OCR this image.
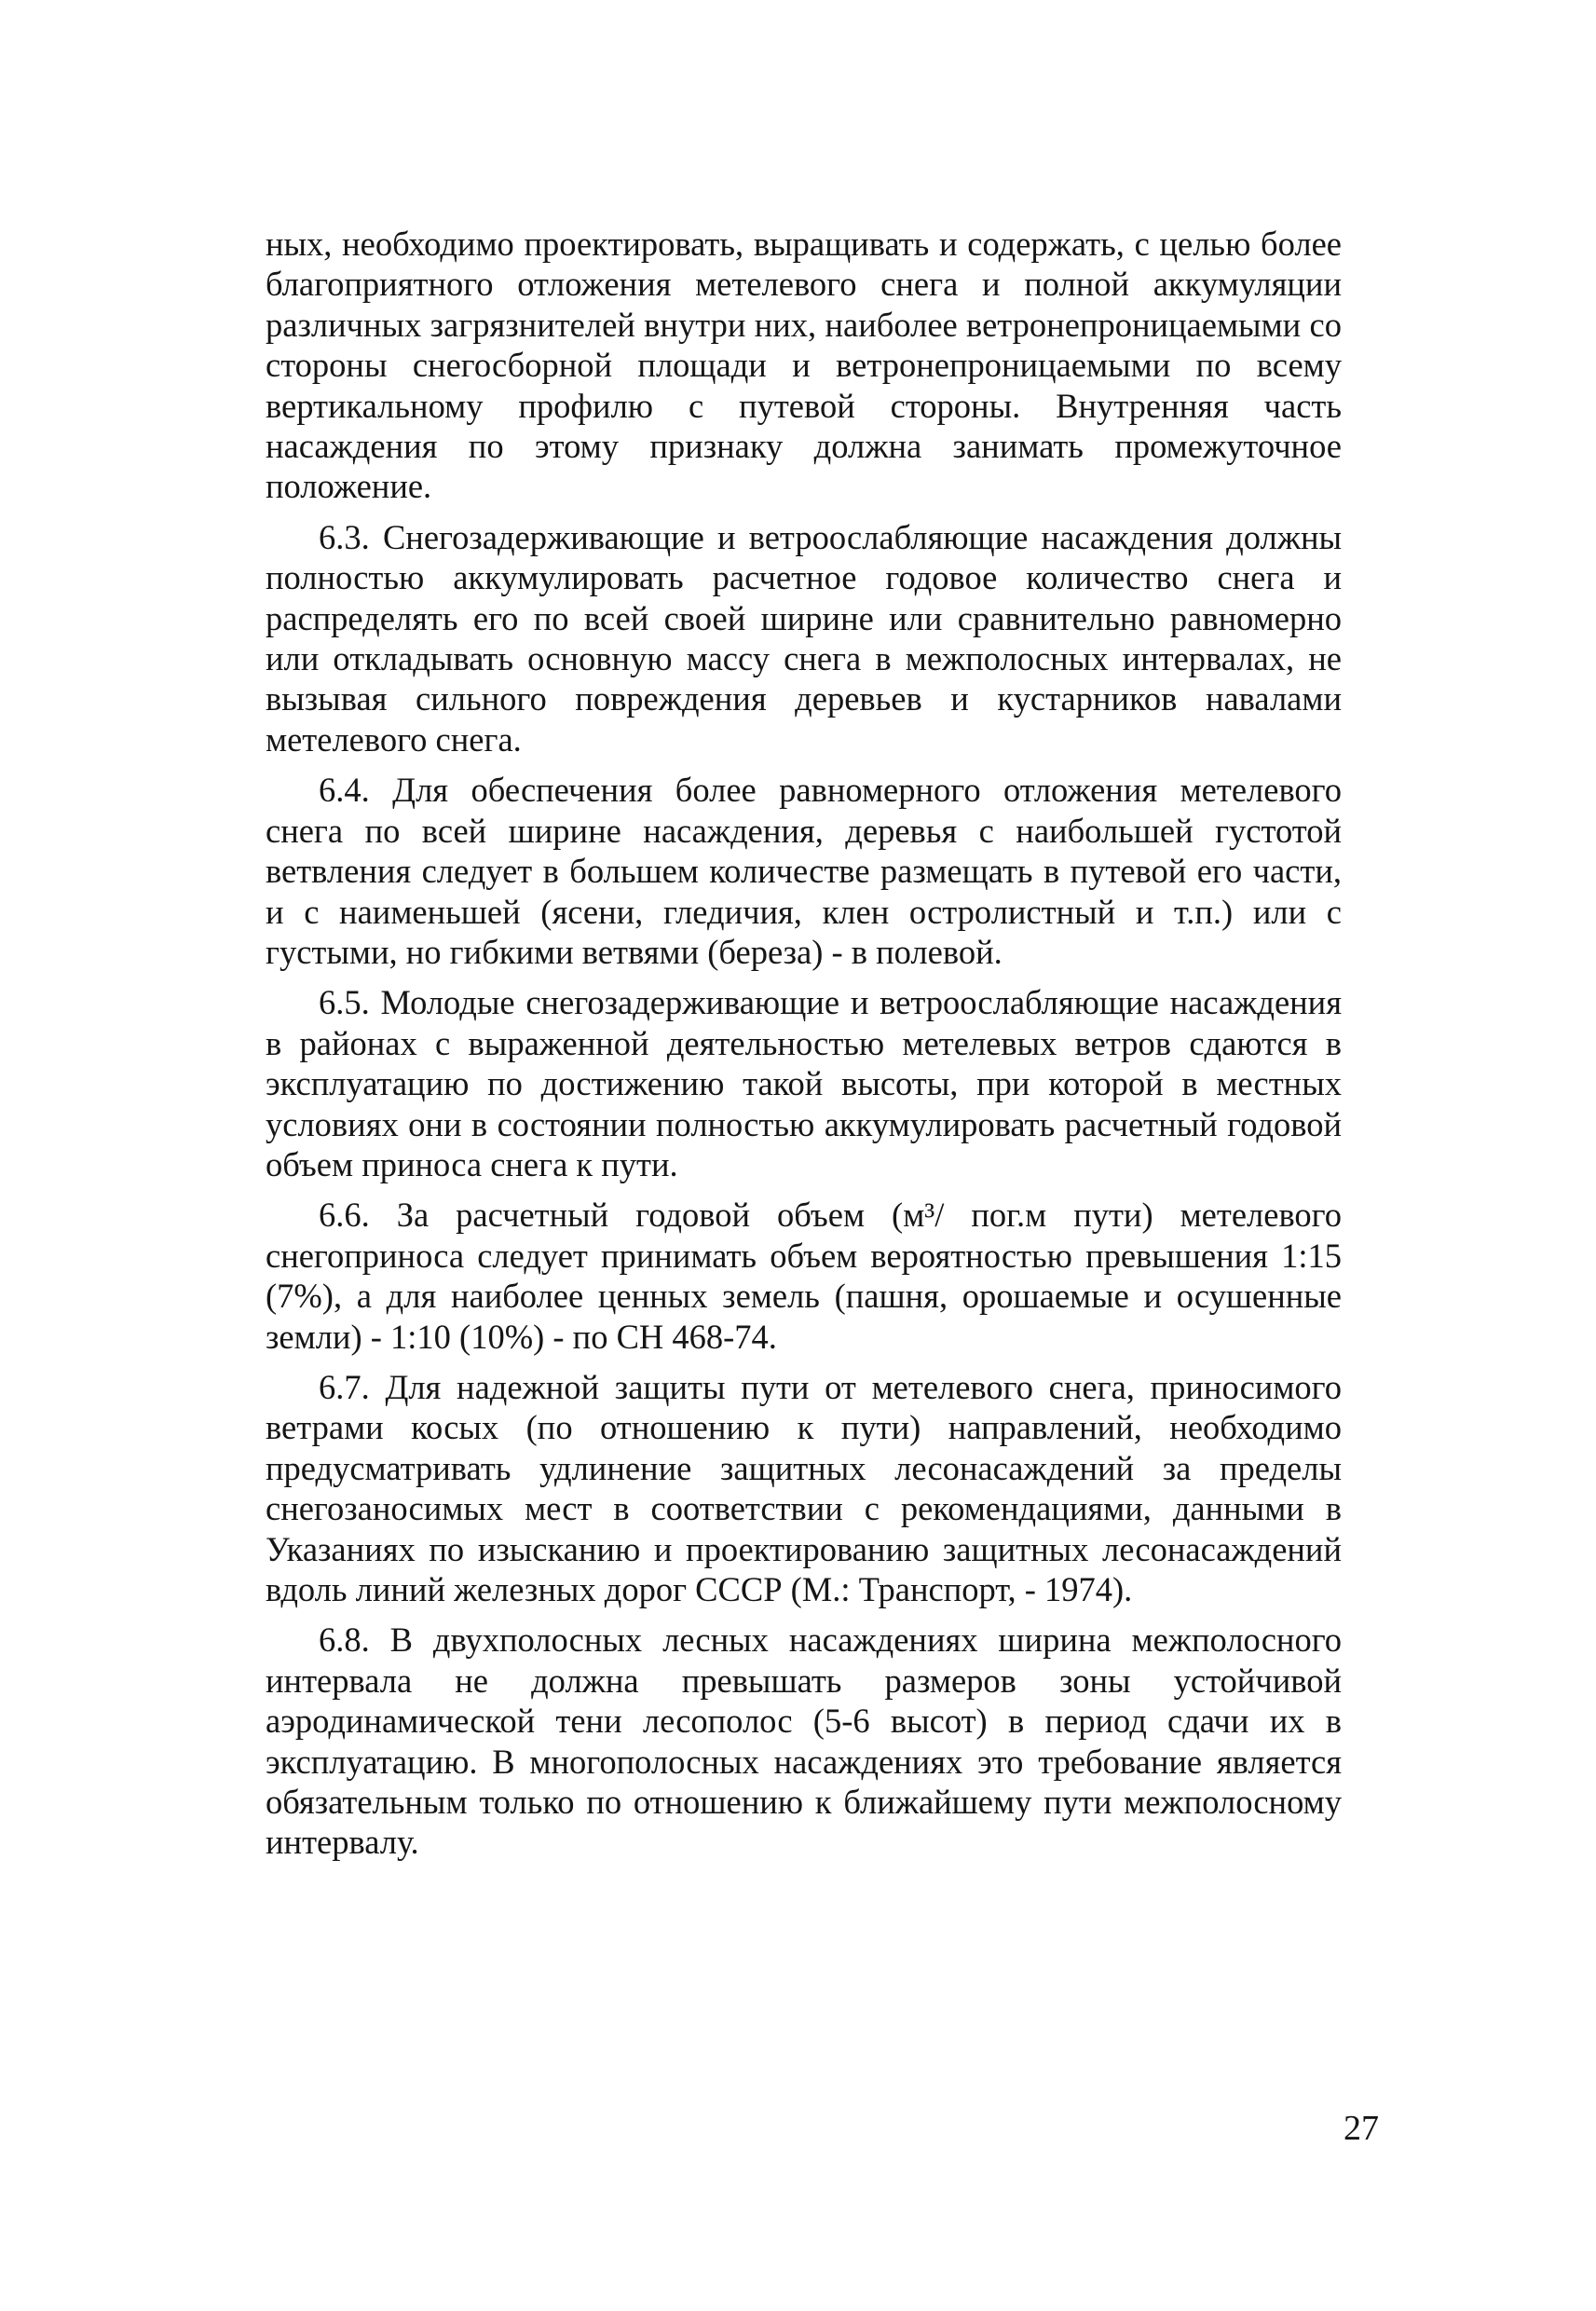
ных, необходимо проектировать, выращивать и содержать, с целью более благоприятного отложения метелевого снега и полной аккумуляции различных загрязнителей внутри них, наиболее ветронепроницаемыми со стороны снегосборной площади и ветронепроницаемыми по всему вертикальному профилю с путевой стороны. Внутренняя часть насаждения по этому признаку должна занимать промежуточное положение.

6.3. Снегозадерживающие и ветроослабляющие насаждения должны полностью аккумулировать расчетное годовое количество снега и распределять его по всей своей ширине или сравнительно равномерно или откладывать основную массу снега в межполосных интервалах, не вызывая сильного повреждения деревьев и кустарников навалами метелевого снега.

6.4. Для обеспечения более равномерного отложения метелевого снега по всей ширине насаждения, деревья с наибольшей густотой ветвления следует в большем количестве размещать в путевой его части, и с наименьшей (ясени, гледичия, клен остролистный и т.п.) или с густыми, но гибкими ветвями (береза) - в полевой.

6.5. Молодые снегозадерживающие и ветроослабляющие насаждения в районах с выраженной деятельностью метелевых ветров сдаются в эксплуатацию по достижению такой высоты, при которой в местных условиях они в состоянии полностью аккумулировать расчетный годовой объем приноса снега к пути.

6.6. За расчетный годовой объем (м³/ пог.м пути) метелевого снегоприноса следует принимать объем вероятностью превышения 1:15 (7%), а для наиболее ценных земель (пашня, орошаемые и осушенные земли) - 1:10 (10%) - по СН 468-74.

6.7. Для надежной защиты пути от метелевого снега, приносимого ветрами косых (по отношению к пути) направлений, необходимо предусматривать удлинение защитных лесонасаждений за пределы снегозаносимых мест в соответствии с рекомендациями, данными в Указаниях по изысканию и проектированию защитных лесонасаждений вдоль линий железных дорог СССР (М.: Транспорт, - 1974).

6.8. В двухполосных лесных насаждениях ширина межполосного интервала не должна превышать размеров зоны устойчивой аэродинамической тени лесополос (5-6 высот) в период сдачи их в эксплуатацию. В многополосных насаждениях это требование является обязательным только по отношению к ближайшему пути межполосному интервалу.

27
